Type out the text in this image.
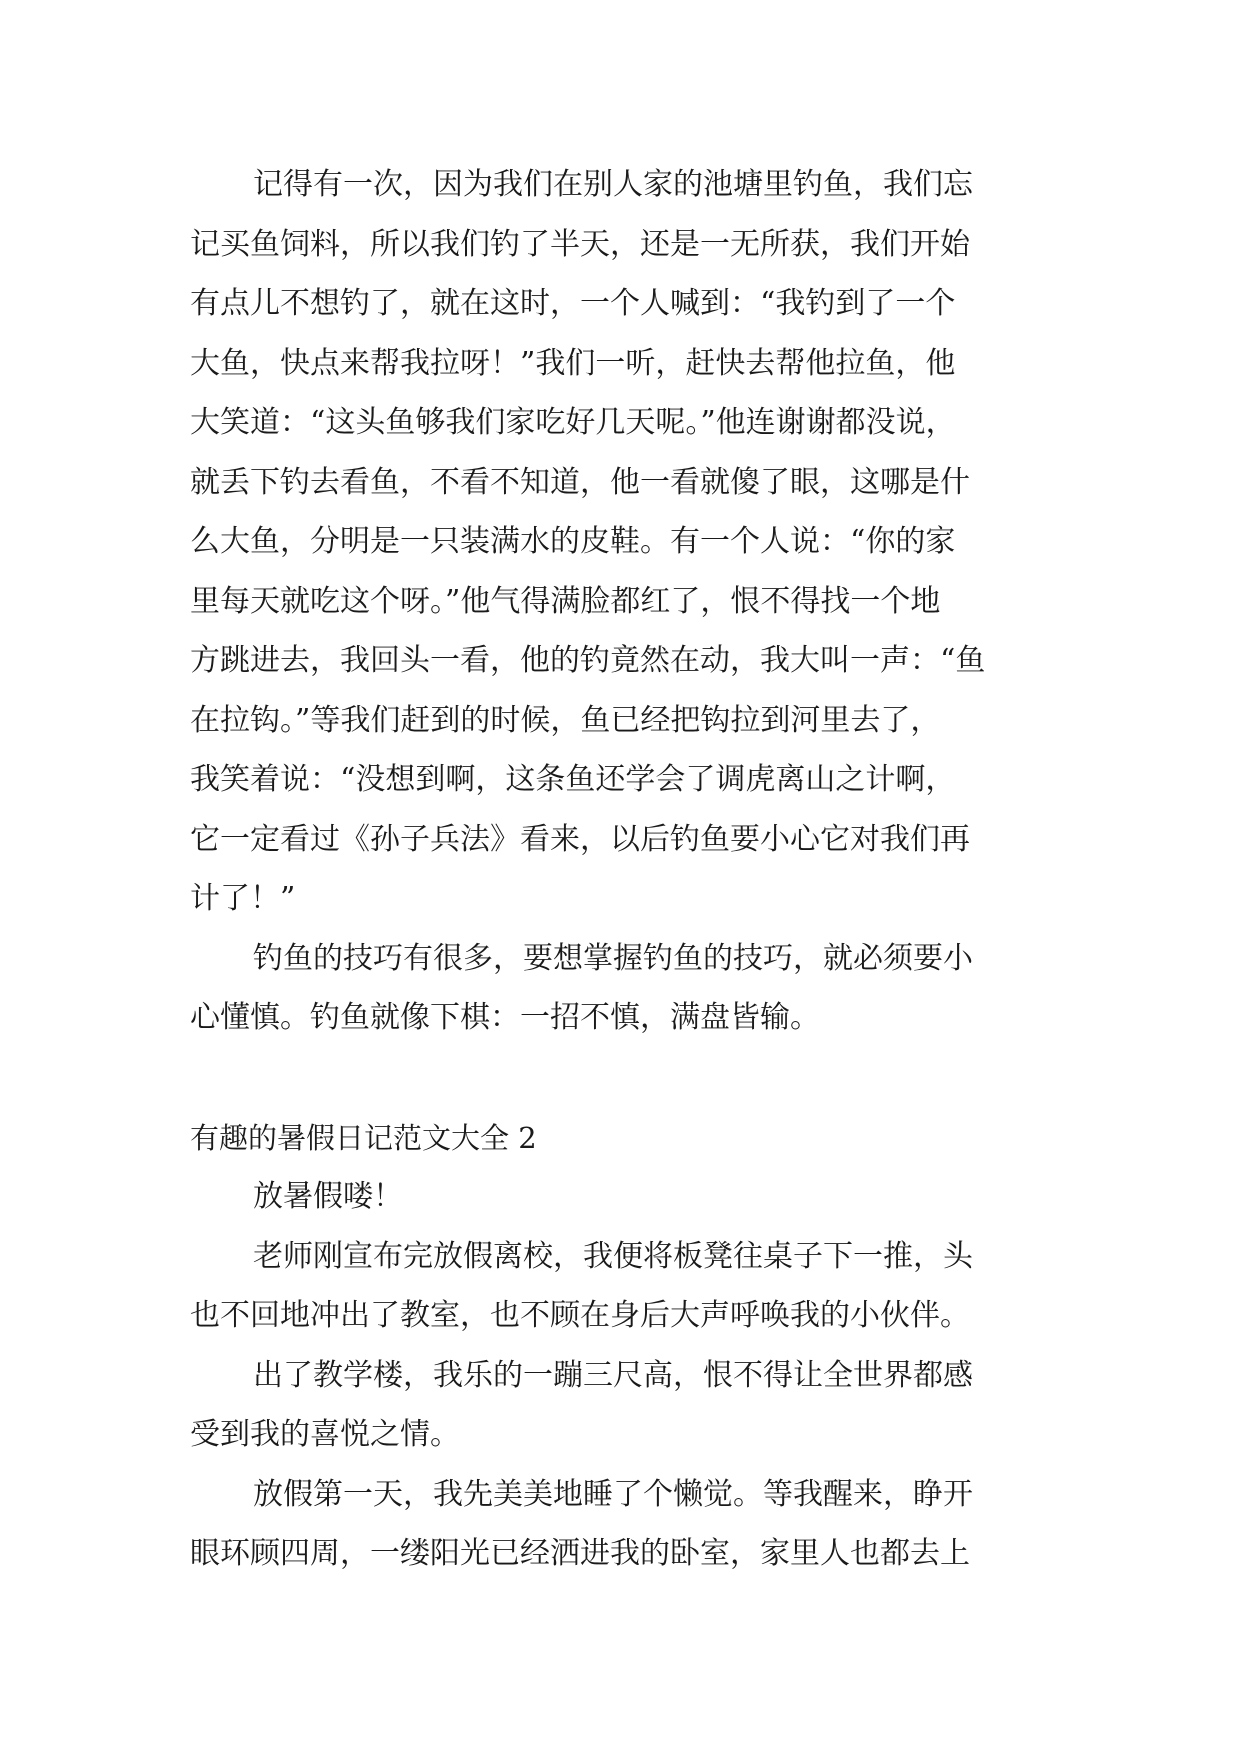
记得有一次，因为我们在别人家的池塘里钓鱼，我们忘
记买鱼饲料，所以我们钓了半天，还是一无所获，我们开始
有点儿不想钓了，就在这时，一个人喊到：“我钓到了一个
大鱼，快点来帮我拉呀！”我们一听，赶快去帮他拉鱼，他
大笑道：“这头鱼够我们家吃好几天呢。”他连谢谢都没说，
就丢下钓去看鱼，不看不知道，他一看就傻了眼，这哪是什
么大鱼，分明是一只装满水的皮鞋。有一个人说：“你的家
里每天就吃这个呀。”他气得满脸都红了，恨不得找一个地
方跳进去，我回头一看，他的钓竟然在动，我大叫一声：“鱼
在拉钩。”等我们赶到的时候，鱼已经把钩拉到河里去了，
我笑着说：“没想到啊，这条鱼还学会了调虎离山之计啊，
它一定看过《孙子兵法》看来，以后钓鱼要小心它对我们再
计了！”
钓鱼的技巧有很多，要想掌握钓鱼的技巧，就必须要小
心懂慎。钓鱼就像下棋：一招不慎，满盘皆输。
有趣的暑假日记范文大全 2
放暑假喽！
老师刚宣布完放假离校，我便将板凳往桌子下一推，头
也不回地冲出了教室，也不顾在身后大声呼唤我的小伙伴。
出了教学楼，我乐的一蹦三尺高，恨不得让全世界都感
受到我的喜悦之情。
放假第一天，我先美美地睡了个懒觉。等我醒来，睁开
眼环顾四周，一缕阳光已经洒进我的卧室，家里人也都去上
